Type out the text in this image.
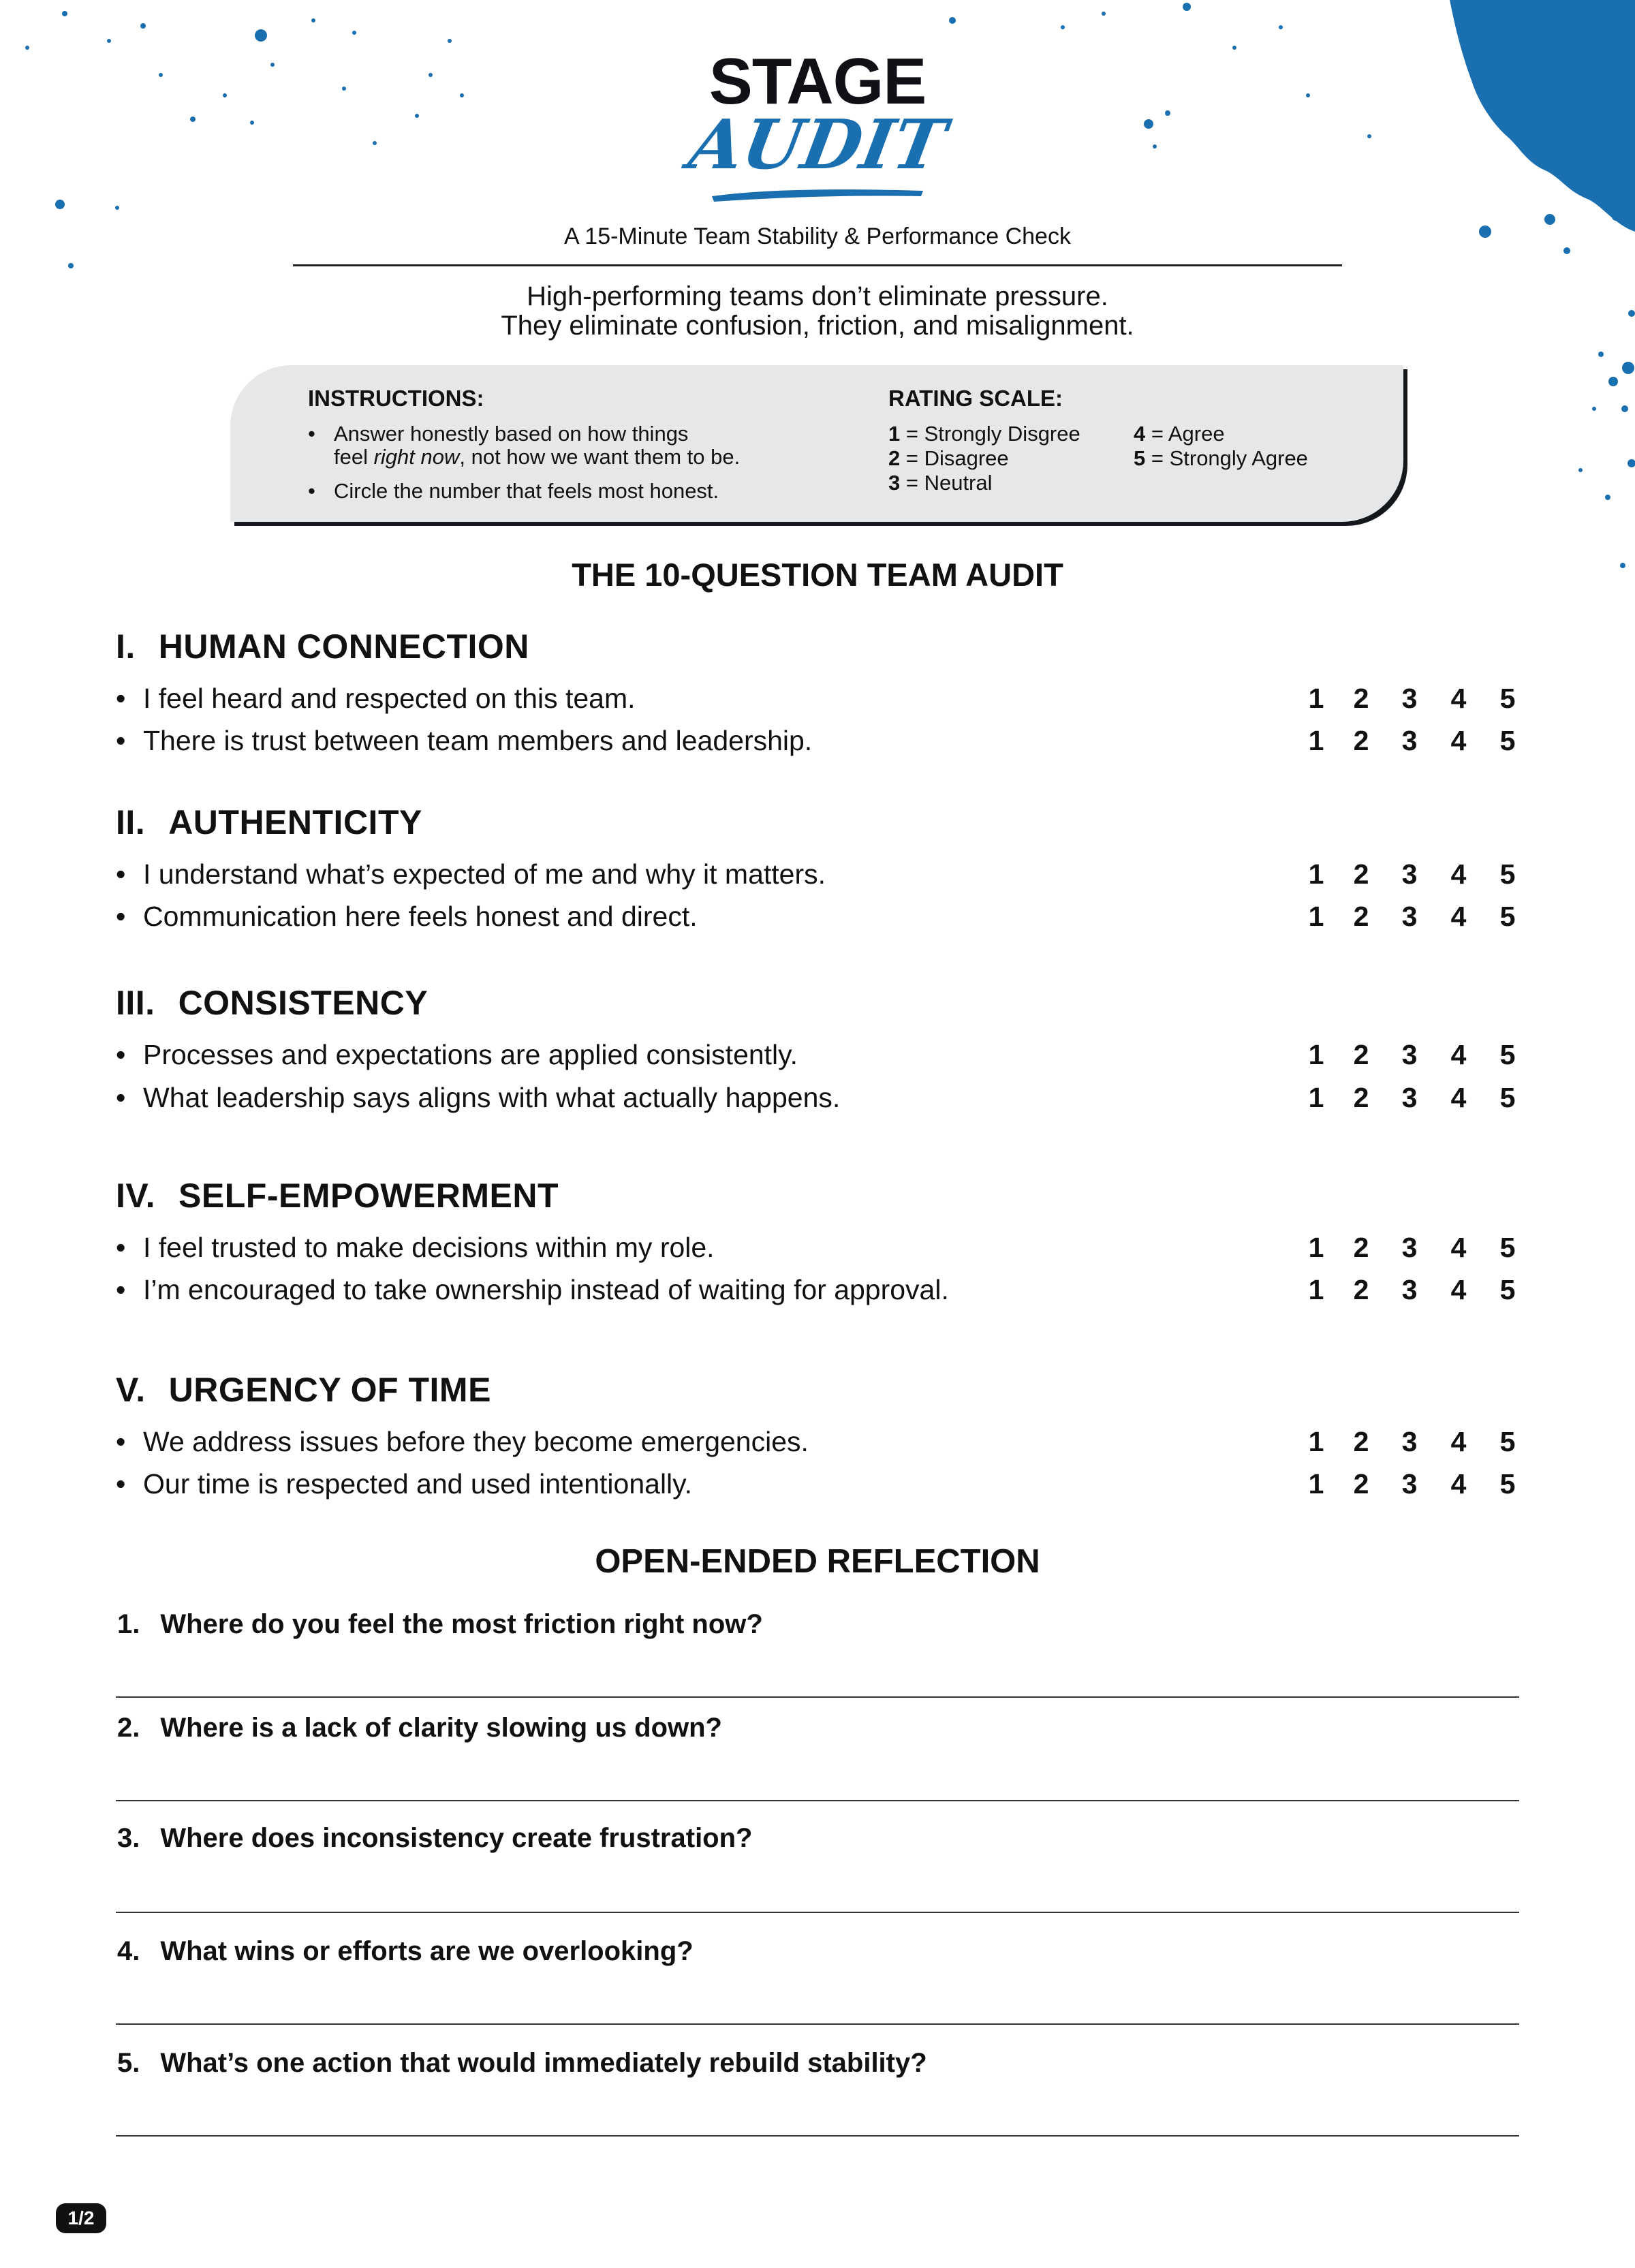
STAGE
AUDIT
A 15-Minute Team Stability & Performance Check
High-performing teams don’t eliminate pressure.
They eliminate confusion, friction, and misalignment.
INSTRUCTIONS:
• Answer honestly based on how things
feel right now, not how we want them to be.
• Circle the number that feels most honest.
RATING SCALE:
1 = Strongly Disgree
2 = Disagree
3 = Neutral
4 = Agree
5 = Strongly Agree
THE 10-QUESTION TEAM AUDIT
I. HUMAN CONNECTION
• I feel heard and respected on this team.	1 2 3 4 5
• There is trust between team members and leadership.	1 2 3 4 5
II. AUTHENTICITY
• I understand what’s expected of me and why it matters.	1 2 3 4 5
• Communication here feels honest and direct.	1 2 3 4 5
III. CONSISTENCY
• Processes and expectations are applied consistently.	1 2 3 4 5
• What leadership says aligns with what actually happens.	1 2 3 4 5
IV. SELF-EMPOWERMENT
• I feel trusted to make decisions within my role.	1 2 3 4 5
• I’m encouraged to take ownership instead of waiting for approval.	1 2 3 4 5
V. URGENCY OF TIME
• We address issues before they become emergencies.	1 2 3 4 5
• Our time is respected and used intentionally.	1 2 3 4 5
OPEN-ENDED REFLECTION
1. Where do you feel the most friction right now?
2. Where is a lack of clarity slowing us down?
3. Where does inconsistency create frustration?
4. What wins or efforts are we overlooking?
5. What’s one action that would immediately rebuild stability?
1/2
